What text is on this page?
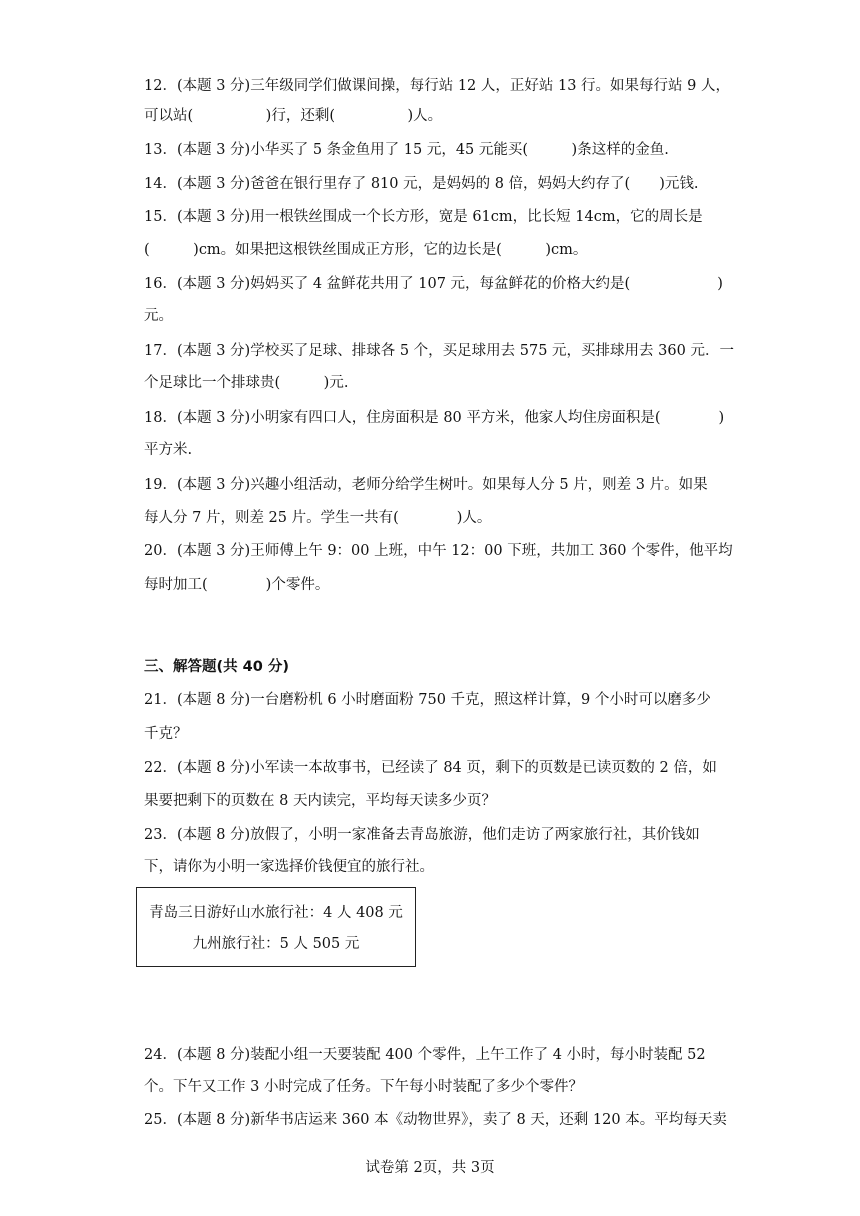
12．(本题 3 分)三年级同学们做课间操，每行站 12 人，正好站 13 行。如果每行站 9 人，
可以站(　　　　　)行，还剩(　　　　　)人。
13．(本题 3 分)小华买了 5 条金鱼用了 15 元，45 元能买(　　　)条这样的金鱼.
14．(本题 3 分)爸爸在银行里存了 810 元，是妈妈的 8 倍，妈妈大约存了(　　)元钱.
15．(本题 3 分)用一根铁丝围成一个长方形，宽是 61cm，比长短 14cm，它的周长是
(　　　)cm。如果把这根铁丝围成正方形，它的边长是(　　　)cm。
16．(本题 3 分)妈妈买了 4 盆鲜花共用了 107 元，每盆鲜花的价格大约是(　　　　　　)
元。
17．(本题 3 分)学校买了足球、排球各 5 个，买足球用去 575 元，买排球用去 360 元．一
个足球比一个排球贵(　　　)元.
18．(本题 3 分)小明家有四口人，住房面积是 80 平方米，他家人均住房面积是(　　　　)
平方米.
19．(本题 3 分)兴趣小组活动，老师分给学生树叶。如果每人分 5 片，则差 3 片。如果
每人分 7 片，则差 25 片。学生一共有(　　　　)人。
20．(本题 3 分)王师傅上午 9：00 上班，中午 12：00 下班，共加工 360 个零件，他平均
每时加工(　　　　)个零件。
三、解答题(共 40 分)
21．(本题 8 分)一台磨粉机 6 小时磨面粉 750 千克，照这样计算，9 个小时可以磨多少
千克？
22．(本题 8 分)小军读一本故事书，已经读了 84 页，剩下的页数是已读页数的 2 倍，如
果要把剩下的页数在 8 天内读完，平均每天读多少页？
23．(本题 8 分)放假了，小明一家准备去青岛旅游，他们走访了两家旅行社，其价钱如
下，请你为小明一家选择价钱便宜的旅行社。
青岛三日游好山水旅行社：4 人 408 元
九州旅行社：5 人 505 元
24．(本题 8 分)装配小组一天要装配 400 个零件，上午工作了 4 小时，每小时装配 52
个。下午又工作 3 小时完成了任务。下午每小时装配了多少个零件？
25．(本题 8 分)新华书店运来 360 本《动物世界》，卖了 8 天，还剩 120 本。平均每天卖
试卷第 2页，共 3页
